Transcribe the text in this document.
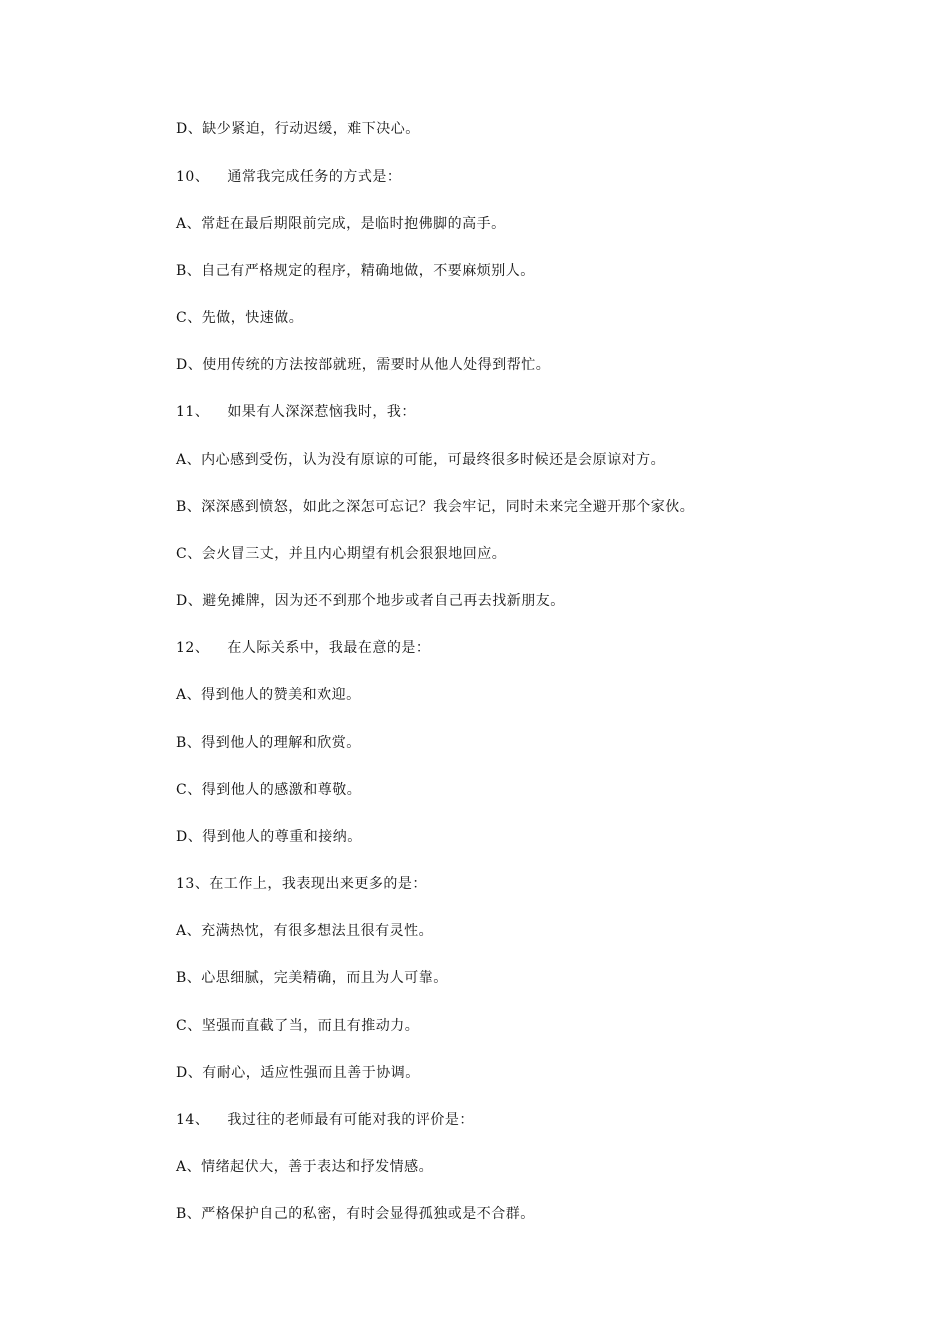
D、缺少紧迫，行动迟缓，难下决心。
10、 通常我完成任务的方式是：
A、常赶在最后期限前完成，是临时抱佛脚的高手。
B、自己有严格规定的程序，精确地做，不要麻烦别人。
C、先做，快速做。
D、使用传统的方法按部就班，需要时从他人处得到帮忙。
11、 如果有人深深惹恼我时，我：
A、内心感到受伤，认为没有原谅的可能，可最终很多时候还是会原谅对方。
B、深深感到愤怒，如此之深怎可忘记？我会牢记，同时未来完全避开那个家伙。
C、会火冒三丈，并且内心期望有机会狠狠地回应。
D、避免摊牌，因为还不到那个地步或者自己再去找新朋友。
12、 在人际关系中，我最在意的是：
A、得到他人的赞美和欢迎。
B、得到他人的理解和欣赏。
C、得到他人的感激和尊敬。
D、得到他人的尊重和接纳。
13、在工作上，我表现出来更多的是：
A、充满热忱，有很多想法且很有灵性。
B、心思细腻，完美精确，而且为人可靠。
C、坚强而直截了当，而且有推动力。
D、有耐心，适应性强而且善于协调。
14、 我过往的老师最有可能对我的评价是：
A、情绪起伏大，善于表达和抒发情感。
B、严格保护自己的私密，有时会显得孤独或是不合群。
